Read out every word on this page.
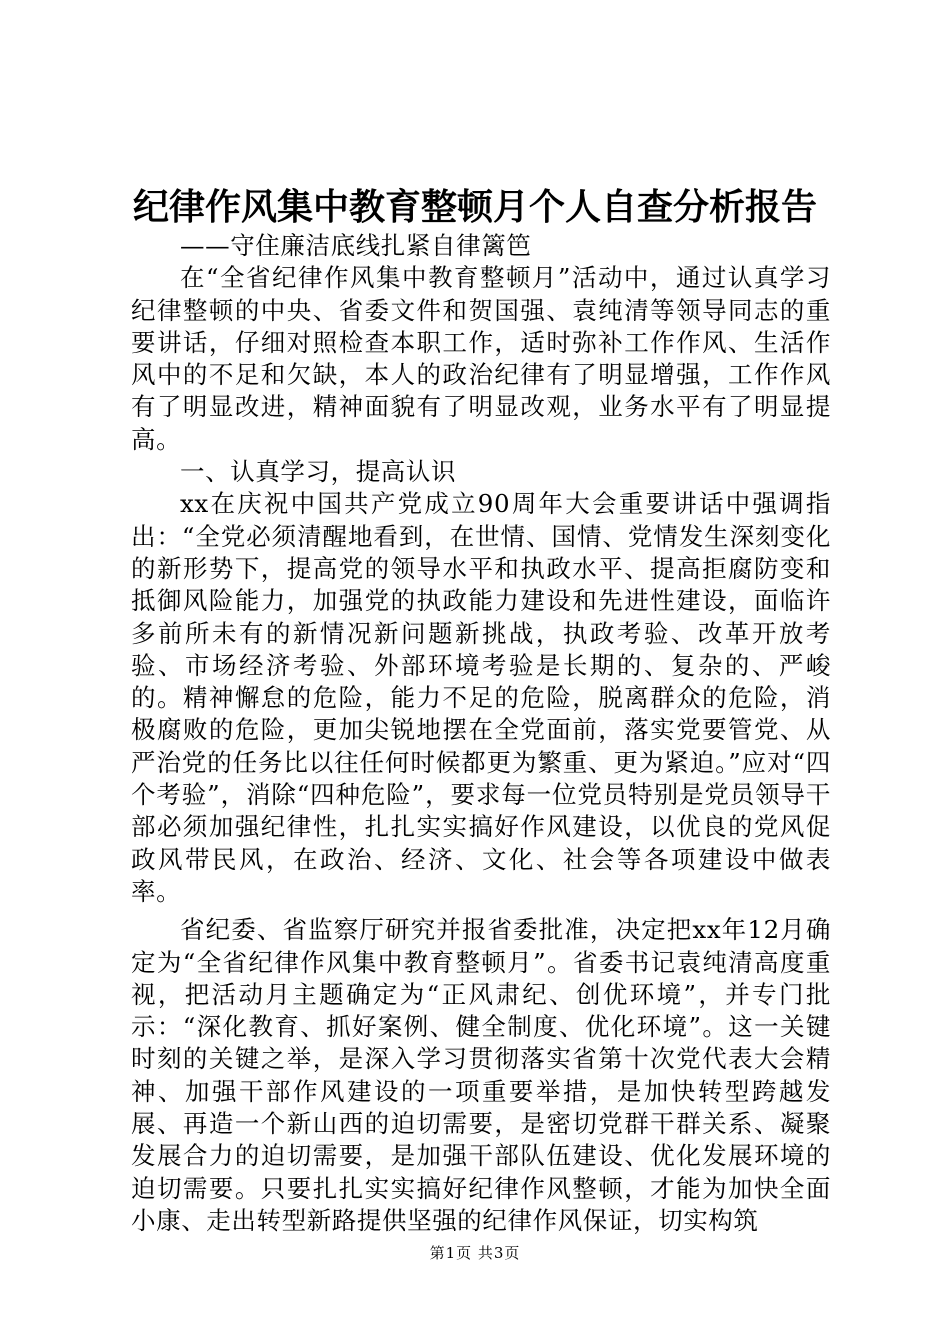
纪律作风集中教育整顿月个人自查分析报告

——守住廉洁底线扎紧自律篱笆

在“全省纪律作风集中教育整顿月”活动中，通过认真学习纪律整顿的中央、省委文件和贺国强、袁纯清等领导同志的重要讲话，仔细对照检查本职工作，适时弥补工作作风、生活作风中的不足和欠缺，本人的政治纪律有了明显增强，工作作风有了明显改进，精神面貌有了明显改观，业务水平有了明显提高。

一、认真学习，提高认识

xx在庆祝中国共产党成立90周年大会重要讲话中强调指出：“全党必须清醒地看到，在世情、国情、党情发生深刻变化的新形势下，提高党的领导水平和执政水平、提高拒腐防变和抵御风险能力，加强党的执政能力建设和先进性建设，面临许多前所未有的新情况新问题新挑战，执政考验、改革开放考验、市场经济考验、外部环境考验是长期的、复杂的、严峻的。精神懈怠的危险，能力不足的危险，脱离群众的危险，消极腐败的危险，更加尖锐地摆在全党面前，落实党要管党、从严治党的任务比以往任何时候都更为繁重、更为紧迫。”应对“四个考验”，消除“四种危险”，要求每一位党员特别是党员领导干部必须加强纪律性，扎扎实实搞好作风建设，以优良的党风促政风带民风，在政治、经济、文化、社会等各项建设中做表率。

省纪委、省监察厅研究并报省委批准，决定把xx年12月确定为“全省纪律作风集中教育整顿月”。省委书记袁纯清高度重视，把活动月主题确定为“正风肃纪、创优环境”，并专门批示：“深化教育、抓好案例、健全制度、优化环境”。这一关键时刻的关键之举，是深入学习贯彻落实省第十次党代表大会精神、加强干部作风建设的一项重要举措，是加快转型跨越发展、再造一个新山西的迫切需要，是密切党群干群关系、凝聚发展合力的迫切需要，是加强干部队伍建设、优化发展环境的迫切需要。只要扎扎实实搞好纪律作风整顿，才能为加快全面小康、走出转型新路提供坚强的纪律作风保证，切实构筑

第1页 共3页
